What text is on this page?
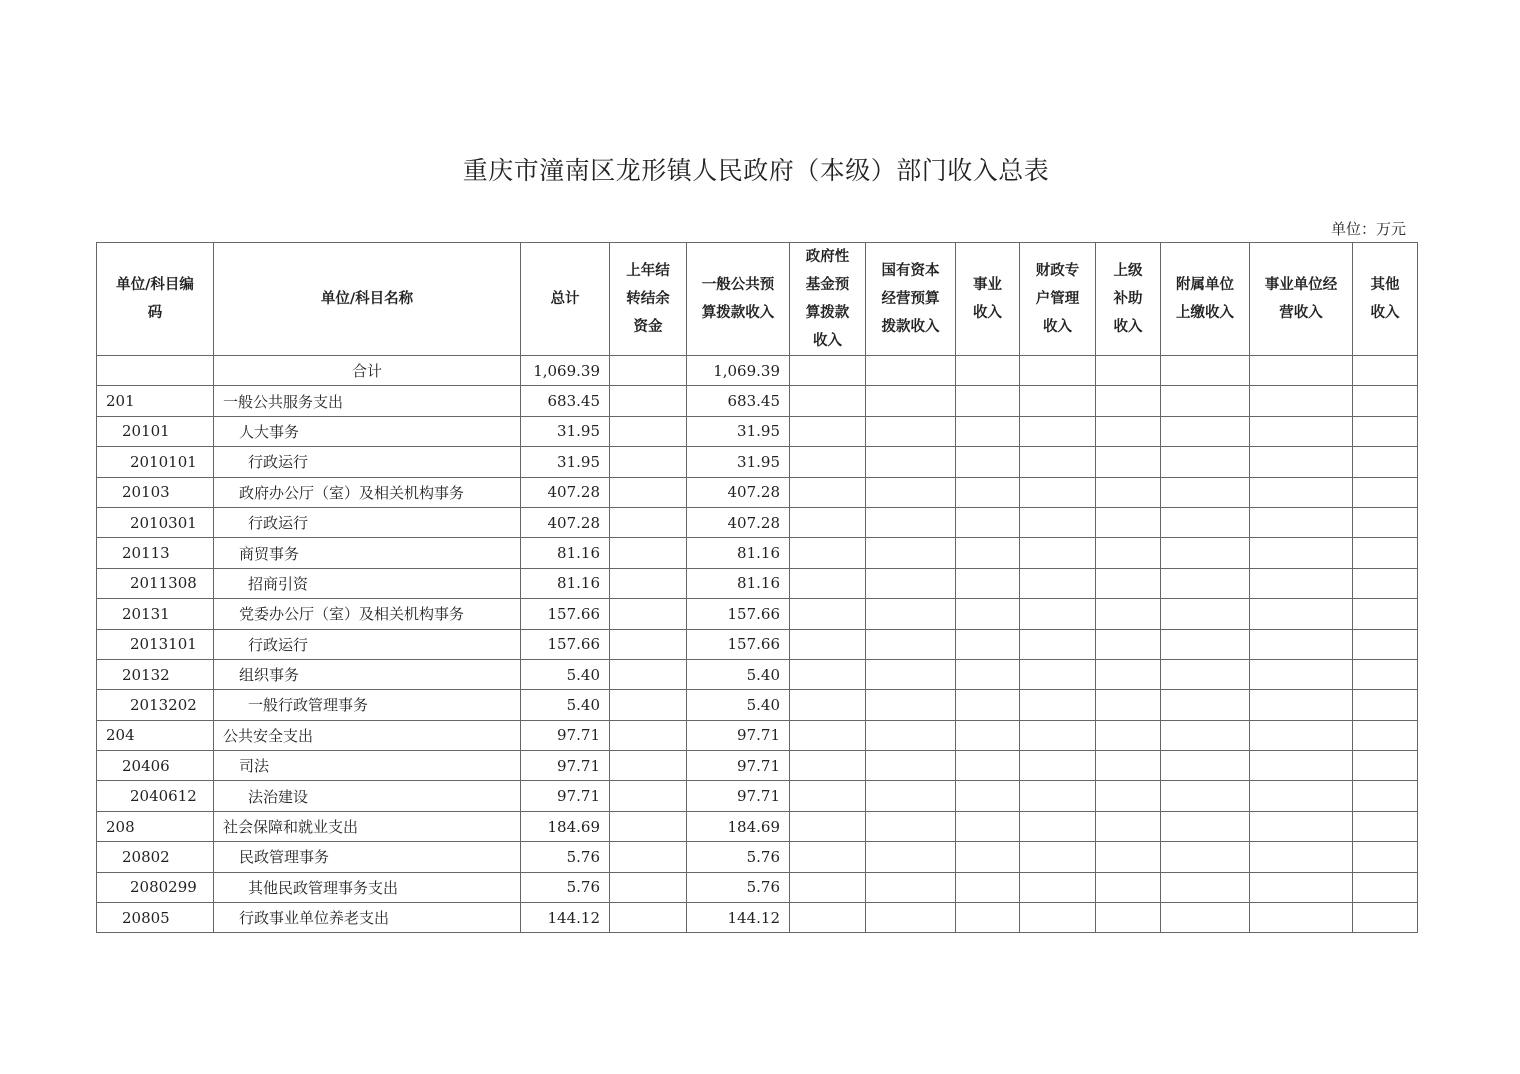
重庆市潼南区龙形镇人民政府（本级）部门收入总表
单位：万元
单位/科目编码	单位/科目名称	总计	上年结转结余资金	一般公共预算拨款收入	政府性基金预算拨款收入	国有资本经营预算拨款收入	事业收入	财政专户管理收入	上级补助收入	附属单位上缴收入	事业单位经营收入	其他收入
	合计	1,069.39		1,069.39								
201	一般公共服务支出	683.45		683.45								
20101	人大事务	31.95		31.95								
2010101	行政运行	31.95		31.95								
20103	政府办公厅（室）及相关机构事务	407.28		407.28								
2010301	行政运行	407.28		407.28								
20113	商贸事务	81.16		81.16								
2011308	招商引资	81.16		81.16								
20131	党委办公厅（室）及相关机构事务	157.66		157.66								
2013101	行政运行	157.66		157.66								
20132	组织事务	5.40		5.40								
2013202	一般行政管理事务	5.40		5.40								
204	公共安全支出	97.71		97.71								
20406	司法	97.71		97.71								
2040612	法治建设	97.71		97.71								
208	社会保障和就业支出	184.69		184.69								
20802	民政管理事务	5.76		5.76								
2080299	其他民政管理事务支出	5.76		5.76								
20805	行政事业单位养老支出	144.12		144.12								
